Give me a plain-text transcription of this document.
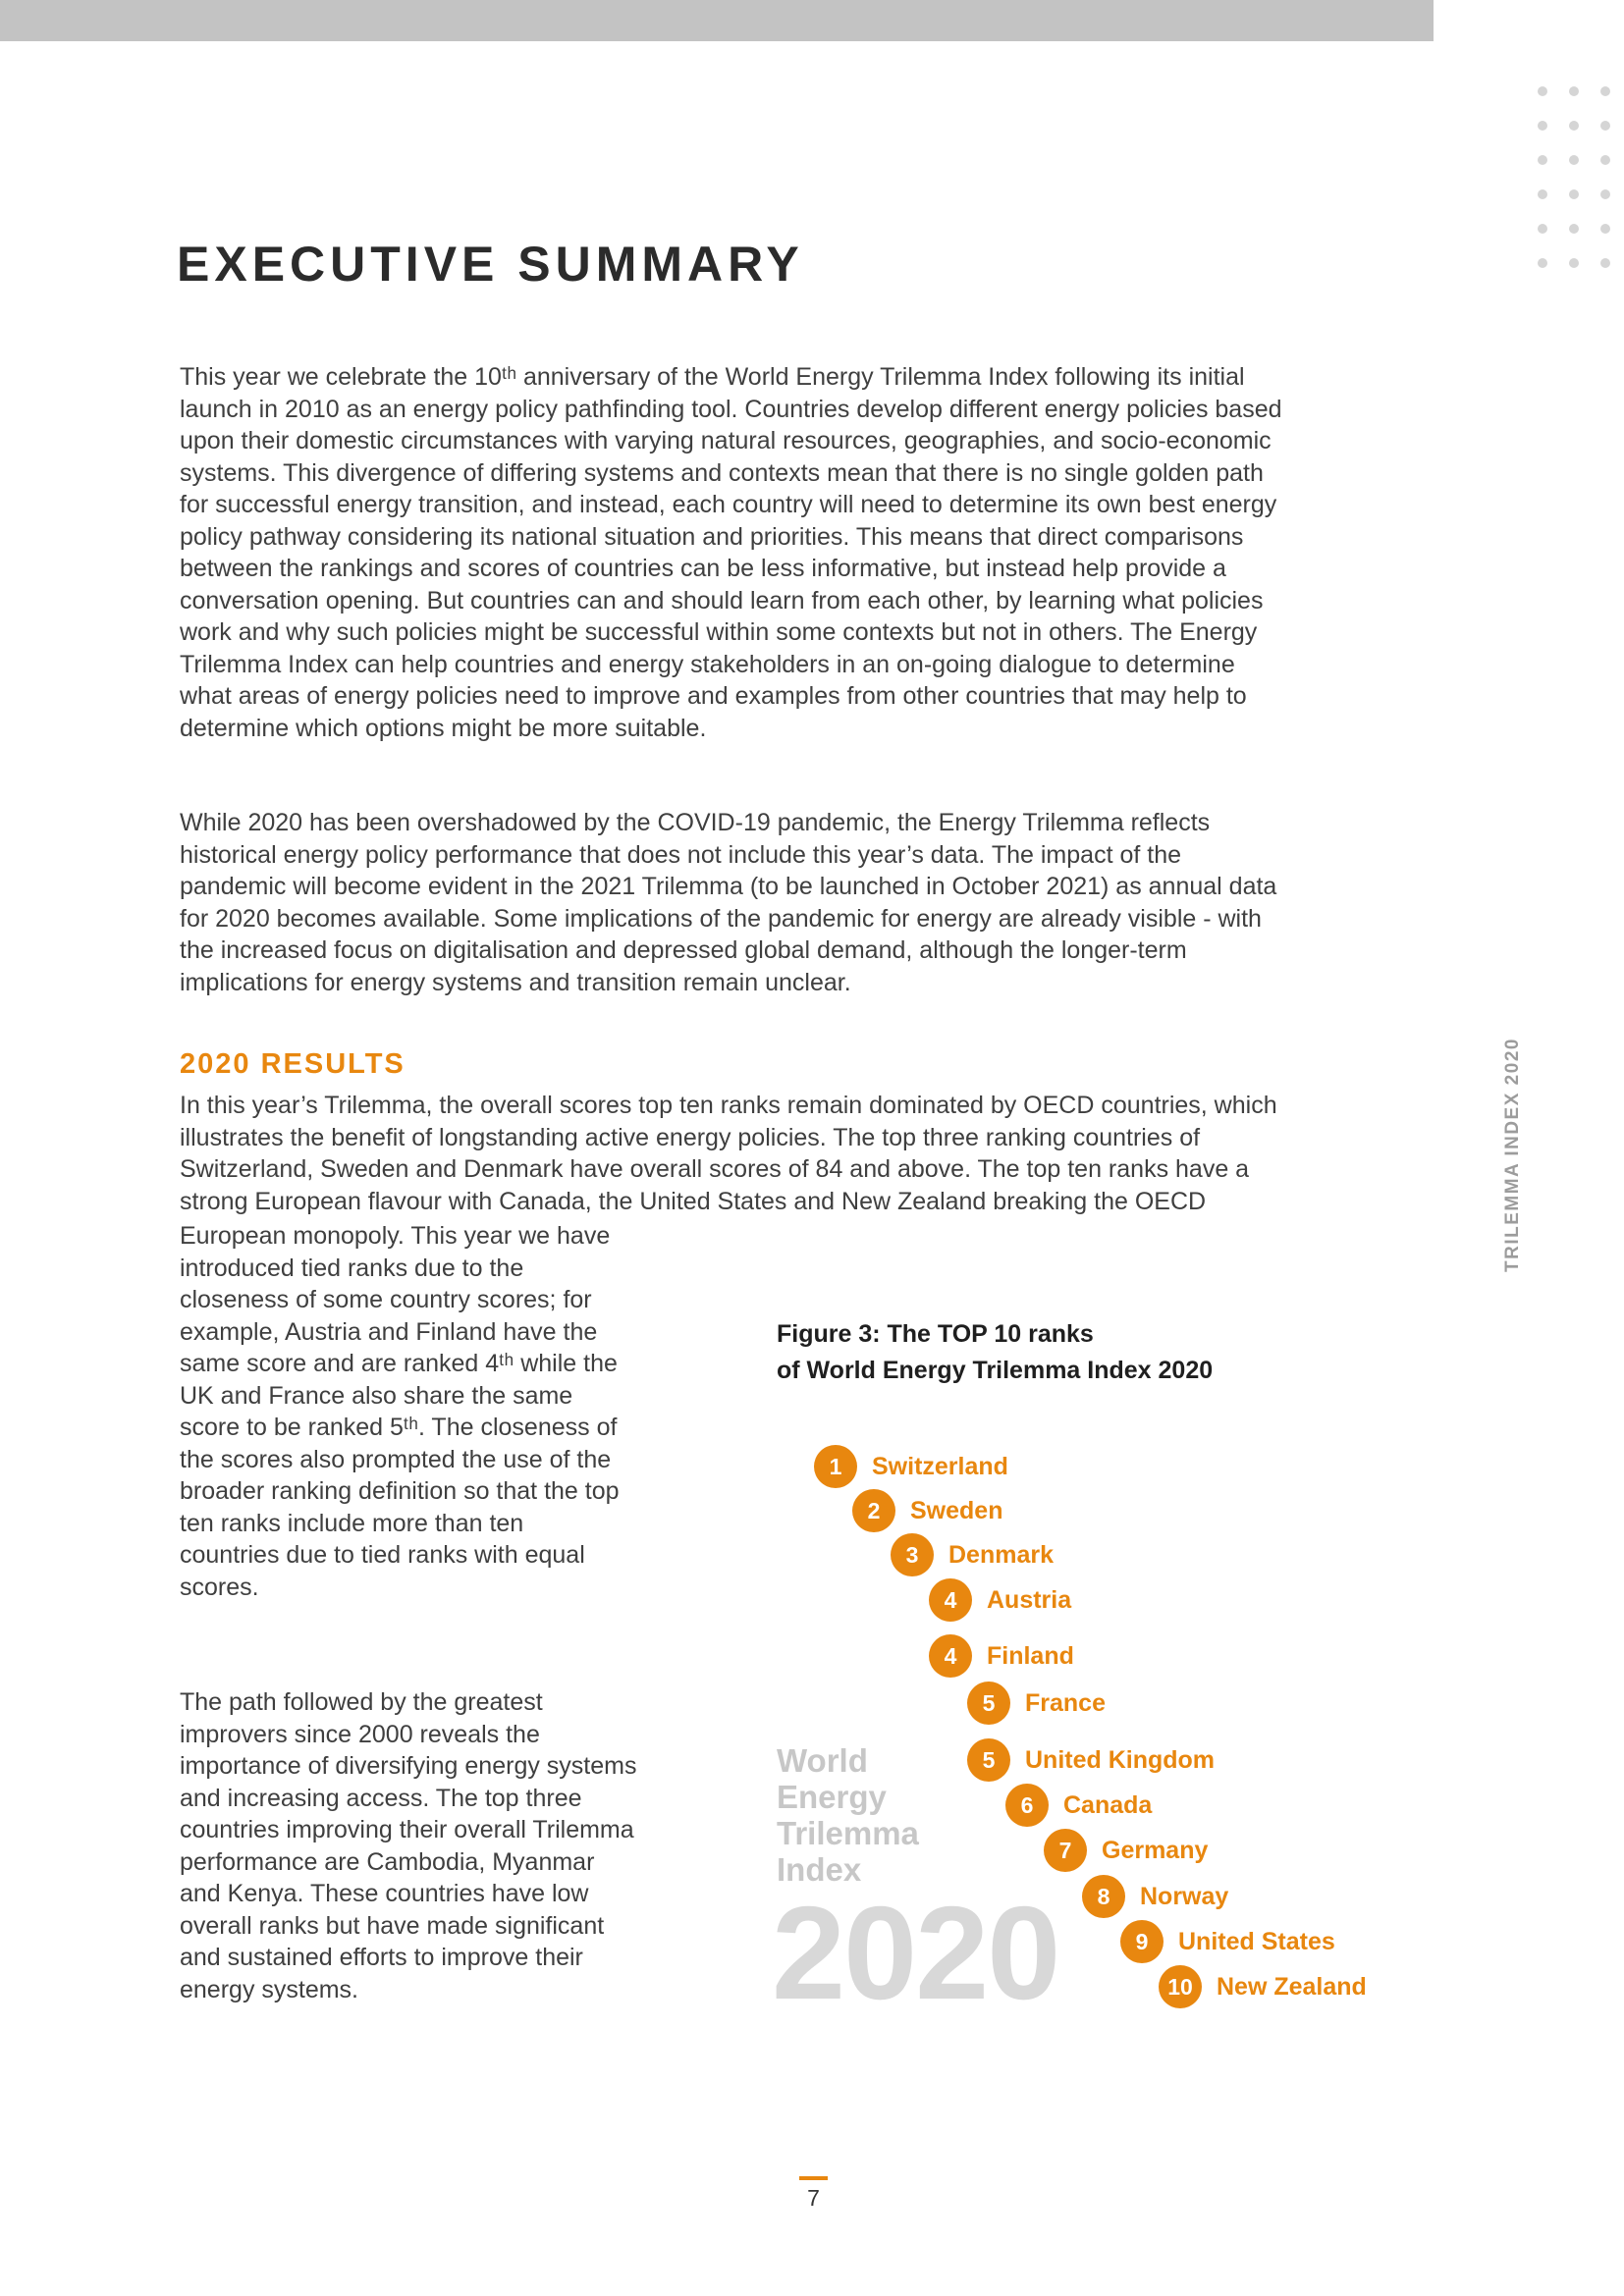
EXECUTIVE SUMMARY

This year we celebrate the 10ᵗʰ anniversary of the World Energy Trilemma Index following its initial launch in 2010 as an energy policy pathfinding tool. Countries develop different energy policies based upon their domestic circumstances with varying natural resources, geographies, and socio-economic systems. This divergence of differing systems and contexts mean that there is no single golden path for successful energy transition, and instead, each country will need to determine its own best energy policy pathway considering its national situation and priorities. This means that direct comparisons between the rankings and scores of countries can be less informative, but instead help provide a conversation opening. But countries can and should learn from each other, by learning what policies work and why such policies might be successful within some contexts but not in others. The Energy Trilemma Index can help countries and energy stakeholders in an on-going dialogue to determine what areas of energy policies need to improve and examples from other countries that may help to determine which options might be more suitable.

While 2020 has been overshadowed by the COVID-19 pandemic, the Energy Trilemma reflects historical energy policy performance that does not include this year’s data. The impact of the pandemic will become evident in the 2021 Trilemma (to be launched in October 2021) as annual data for 2020 becomes available. Some implications of the pandemic for energy are already visible - with the increased focus on digitalisation and depressed global demand, although the longer-term implications for energy systems and transition remain unclear.

2020 RESULTS

In this year’s Trilemma, the overall scores top ten ranks remain dominated by OECD countries, which illustrates the benefit of longstanding active energy policies. The top three ranking countries of Switzerland, Sweden and Denmark have overall scores of 84 and above. The top ten ranks have a strong European flavour with Canada, the United States and New Zealand breaking the OECD

European monopoly. This year we have introduced tied ranks due to the closeness of some country scores; for example, Austria and Finland have the same score and are ranked 4ᵗʰ while the UK and France also share the same score to be ranked 5ᵗʰ. The closeness of the scores also prompted the use of the broader ranking definition so that the top ten ranks include more than ten countries due to tied ranks with equal scores.

The path followed by the greatest improvers since 2000 reveals the importance of diversifying energy systems and increasing access. The top three countries improving their overall Trilemma performance are Cambodia, Myanmar and Kenya. These countries have low overall ranks but have made significant and sustained efforts to improve their energy systems.

Figure 3: The TOP 10 ranks
of World Energy Trilemma Index 2020
World
Energy
Trilemma
Index
2020
1	Switzerland
2	Sweden
3	Denmark
4	Austria
4	Finland
5	France
5	United Kingdom
6	Canada
7	Germany
8	Norway
9	United States
10 New Zealand
7
TRILEMMA INDEX 2020
